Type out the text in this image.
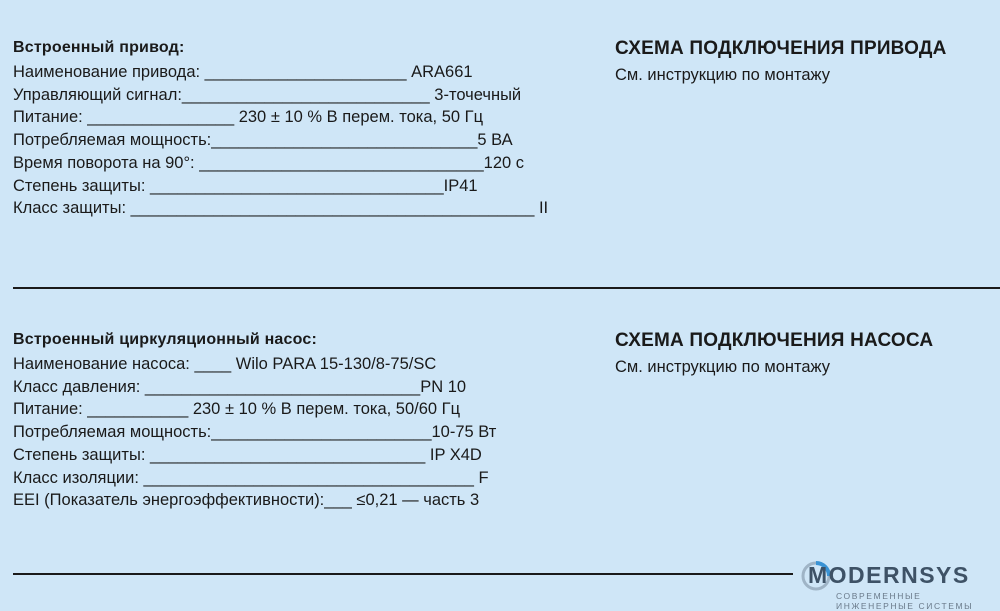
Встроенный привод:
Наименование привода: ______________________ ARA661
Управляющий сигнал:___________________________ 3-точечный
Питание: ________________ 230 ± 10 % В перем. тока, 50 Гц
Потребляемая мощность:_____________________________5 ВА
Время поворота на 90°: _______________________________120 с
Степень защиты: ________________________________IP41
Класс защиты: ____________________________________________ II
СХЕМА ПОДКЛЮЧЕНИЯ ПРИВОДА
См. инструкцию по монтажу
Встроенный циркуляционный насос:
Наименование насоса: ____ Wilo PARA 15-130/8-75/SC
Класс давления: ______________________________PN 10
Питание: ___________ 230 ± 10 % В перем. тока, 50/60 Гц
Потребляемая мощность:________________________10-75 Вт
Степень защиты: ______________________________ IP X4D
Класс изоляции: ____________________________________ F
EEI (Показатель энергоэффективности):___ ≤0,21 — часть 3
СХЕМА ПОДКЛЮЧЕНИЯ НАСОСА
См. инструкцию по монтажу
MODERNSYS
СОВРЕМЕННЫЕ ИНЖЕНЕРНЫЕ СИСТЕМЫ
